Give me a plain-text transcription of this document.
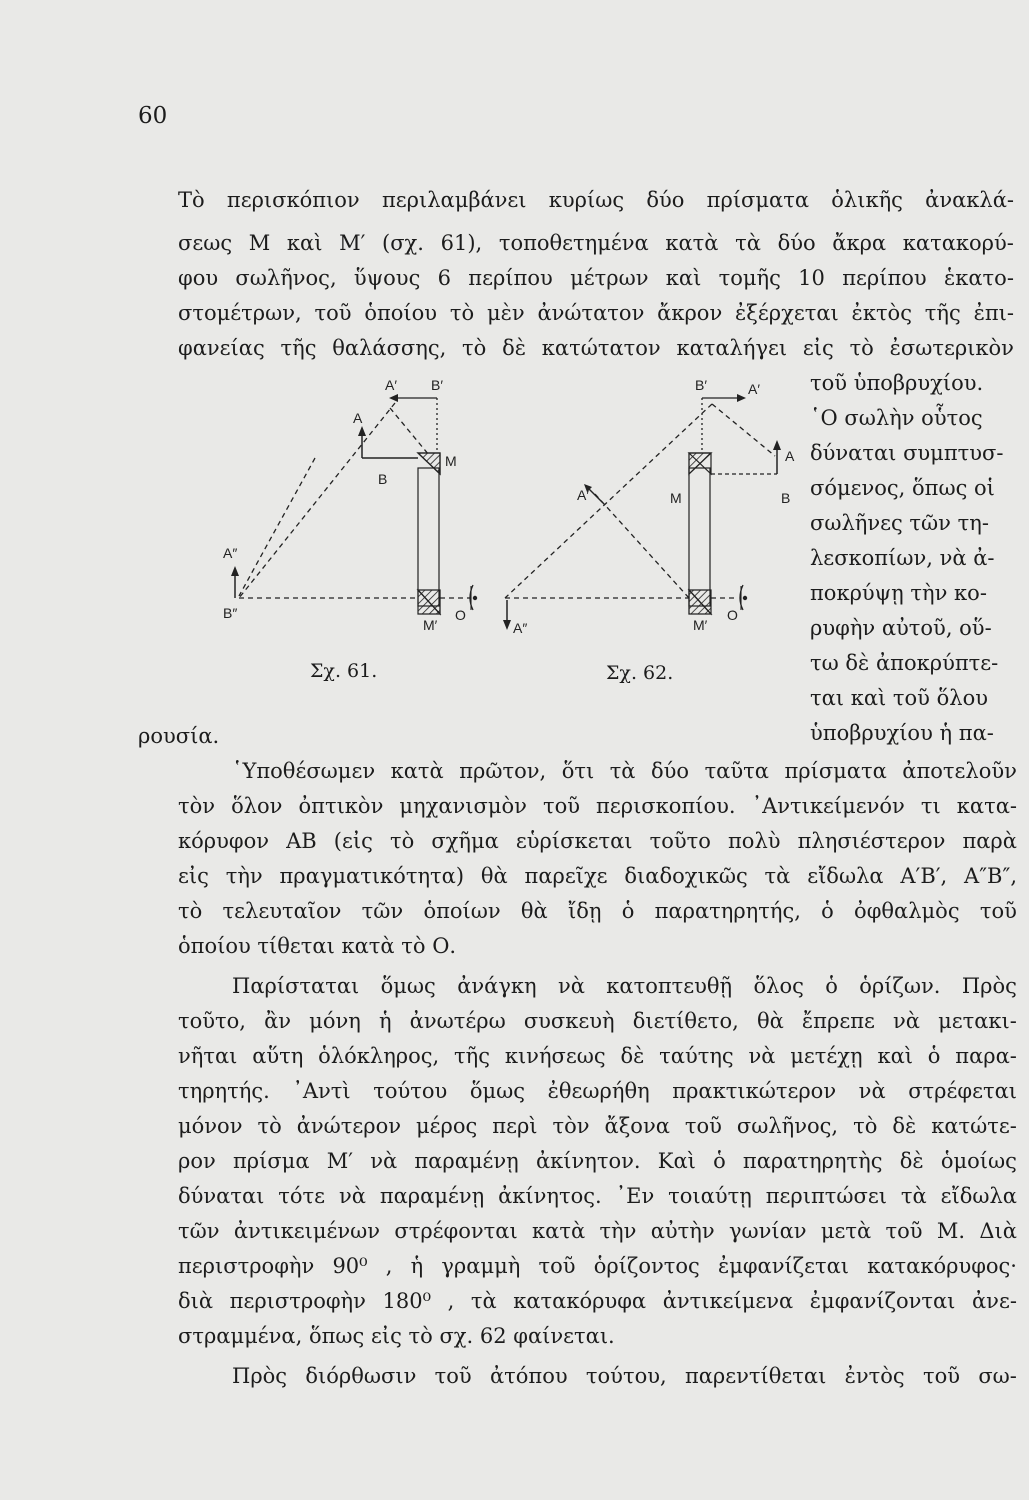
60
Τὸ περισκόπιον περιλαμβάνει κυρίως δύο πρίσματα ὁλικῆς ἀνακλά-
σεως Μ καὶ Μ′ (σχ. 61), τοποθετημένα κατὰ τὰ δύο ἄκρα κατακορύ-
φου σωλῆνος, ὕψους 6 περίπου μέτρων καὶ τομῆς 10 περίπου ἑκατο-
στομέτρων, τοῦ ὁποίου τὸ μὲν ἀνώτατον ἄκρον ἐξέρχεται ἐκτὸς τῆς ἐπι-
φανείας τῆς θαλάσσης, τὸ δὲ κατώτατον καταλήγει εἰς τὸ ἐσωτερικὸν
τοῦ ὑποβρυχίου.
῾Ο σωλὴν οὗτος
δύναται συμπτυσ-
σόμενος, ὅπως οἱ
σωλῆνες τῶν τη-
λεσκοπίων, νὰ ἀ-
ποκρύψῃ τὴν κο-
ρυφὴν αὐτοῦ, οὕ-
τω δὲ ἀποκρύπτε-
ται καὶ τοῦ ὅλου
ὑποβρυχίου ἡ πα-
A′ B′
A
B
M
A″
B″
M′
O
B′	A′
A
B
M
A′
M′
O
A″
Σχ. 61.	Σχ. 62.
ρουσία.
῾Υποθέσωμεν κατὰ πρῶτον, ὅτι τὰ δύο ταῦτα πρίσματα ἀποτελοῦν
τὸν ὅλον ὀπτικὸν μηχανισμὸν τοῦ περισκοπίου. ᾿Αντικείμενόν τι κατα-
κόρυφον ΑΒ (εἰς τὸ σχῆμα εὑρίσκεται τοῦτο πολὺ πλησιέστερον παρὰ
εἰς τὴν πραγματικότητα) θὰ παρεῖχε διαδοχικῶς τὰ εἴδωλα Α′Β′, Α″Β″,
τὸ τελευταῖον τῶν ὁποίων θὰ ἴδῃ ὁ παρατηρητής, ὁ ὀφθαλμὸς τοῦ
ὁποίου τίθεται κατὰ τὸ Ο.
Παρίσταται ὅμως ἀνάγκη νὰ κατοπτευθῇ ὅλος ὁ ὁρίζων. Πρὸς
τοῦτο, ἂν μόνη ἡ ἀνωτέρω συσκευὴ διετίθετο, θὰ ἔπρεπε νὰ μετακι-
νῆται αὕτη ὁλόκληρος, τῆς κινήσεως δὲ ταύτης νὰ μετέχῃ καὶ ὁ παρα-
τηρητής. ᾿Αντὶ τούτου ὅμως ἐθεωρήθη πρακτικώτερον νὰ στρέφεται
μόνον τὸ ἀνώτερον μέρος περὶ τὸν ἄξονα τοῦ σωλῆνος, τὸ δὲ κατώτε-
ρον πρίσμα Μ′ νὰ παραμένῃ ἀκίνητον. Καὶ ὁ παρατηρητὴς δὲ ὁμοίως
δύναται τότε νὰ παραμένῃ ἀκίνητος. ᾿Εν τοιαύτῃ περιπτώσει τὰ εἴδωλα
τῶν ἀντικειμένων στρέφονται κατὰ τὴν αὐτὴν γωνίαν μετὰ τοῦ Μ. Διὰ
περιστροφὴν 90⁰ , ἡ γραμμὴ τοῦ ὁρίζοντος ἐμφανίζεται κατακόρυφος·
διὰ περιστροφὴν 180⁰ , τὰ κατακόρυφα ἀντικείμενα ἐμφανίζονται ἀνε-
στραμμένα, ὅπως εἰς τὸ σχ. 62 φαίνεται.
Πρὸς διόρθωσιν τοῦ ἀτόπου τούτου, παρεντίθεται ἐντὸς τοῦ σω-
